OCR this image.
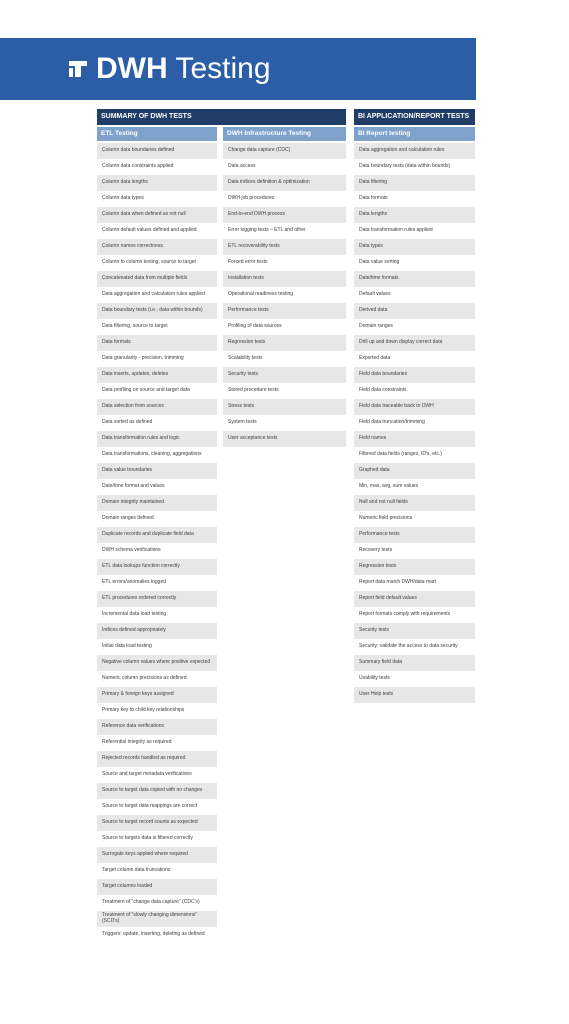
DWH Testing
SUMMARY OF DWH TESTS
ETL Testing	DWH Infrastructure Testing
BI APPLICATION/REPORT TESTS
BI Report testing
Column data boundaries defined
Column data constraints applied
Column data lengths
Column data types
Column data when defined as not null
Column default values defined and applied
Column names correctness
Column to column testing, source to target
Concatenated data from multiple fields
Data aggregation and calculation rules applied
Data boundary tests (i.e., data within bounds)
Data filtering, source to target
Data formats
Data granularity - precision, trimming
Data inserts, updates, deletes
Data profiling on source and target data
Data selection from sources
Data sorted as defined
Data transformation rules and logic
Data transformations, cleaning, aggregations
Data value boundaries
Date/time format and values
Domain integrity maintained
Domain ranges defined
Duplicate records and duplicate field data
DWH schema verifications
ETL data lookups function correctly
ETL errors/anomalies logged
ETL procedures ordered correctly
Incremental data load testing
Indices defined appropriately
Initial data load testing
Negative column values where positive expected
Numeric column precisions as defined
Primary & foreign keys assigned
Primary key to child key relationships
Reference data verifications
Referential integrity as required
Rejected records handled as required
Source and target metadata verifications
Source to target data copied with no changes
Source to target data mappings are correct
Source to target record counts as expected
Source to targets data is filtered correctly
Surrogate keys applied where required
Target column data truncations
Target columns loaded
Treatment of "change data capture" (CDC's)
Treatment of "slowly changing dimensions" (SCD's)
Triggers: update, inserting, deleting as defined
Change data capture (CDC)
Data access
Data indices definition & optimization
DWH job procedures
End-to-end DWH process
Error logging tests – ETL and other
ETL recoverability tests
Forced error tests
Installation tests
Operational readiness testing
Performance tests
Profiling of data sources
Regression tests
Scalability tests
Security tests
Stored procedure tests
Stress tests
System tests
User acceptance tests
Data aggregation and calculation rules
Data boundary tests (data within bounds)
Data filtering
Data formats
Data lengths
Data transformation rules applied
Data types
Data value sorting
Date/time formats
Default values
Derived data
Domain ranges
Drill up and down display correct data
Exported data
Field data boundaries
Field data constraints
Field data traceable back to DWH
Field data truncation/trimming
Field names
Filtered data fields (ranges, ID's, etc.)
Graphed data
Min, max, avg, sum values
Null and not null fields
Numeric field precisions
Performance tests
Recovery tests
Regression tests
Report data match DWH/data mart
Report field default values
Report formats comply with requirements
Security tests
Security: validate the access to data security
Summary field data
Usability tests
User Help tests
